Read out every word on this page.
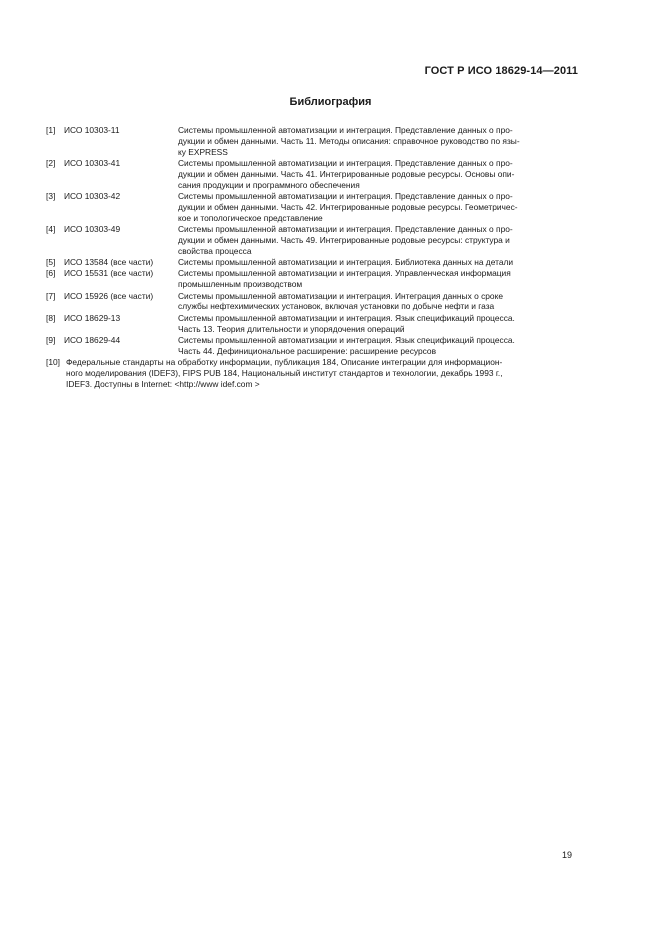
ГОСТ Р ИСО 18629-14—2011
Библиография
[1]	ИСО 10303-11	Системы промышленной автоматизации и интеграция. Представление данных о про-
дукции и обмен данными. Часть 11. Методы описания: справочное руководство по язы-
ку EXPRESS
[2]	ИСО 10303-41	Системы промышленной автоматизации и интеграция. Представление данных о про-
дукции и обмен данными. Часть 41. Интегрированные родовые ресурсы. Основы опи-
сания продукции и программного обеспечения
[3]	ИСО 10303-42	Системы промышленной автоматизации и интеграция. Представление данных о про-
дукции и обмен данными. Часть 42. Интегрированные родовые ресурсы. Геометричес-
кое и топологическое представление
[4]	ИСО 10303-49	Системы промышленной автоматизации и интеграция. Представление данных о про-
дукции и обмен данными. Часть 49. Интегрированные родовые ресурсы: структура и
свойства процесса
[5]	ИСО 13584 (все части)	Системы промышленной автоматизации и интеграция. Библиотека данных на детали
[6]	ИСО 15531 (все части)	Системы промышленной автоматизации и интеграция. Управленческая информация
промышленным производством
[7]	ИСО 15926 (все части)	Системы промышленной автоматизации и интеграция. Интеграция данных о сроке
службы нефтехимических установок, включая установки по добыче нефти и газа
[8]	ИСО 18629-13	Системы промышленной автоматизации и интеграция. Язык спецификаций процесса.
Часть 13. Теория длительности и упорядочения операций
[9]	ИСО 18629-44	Системы промышленной автоматизации и интеграция. Язык спецификаций процесса.
Часть 44. Дефинициональное расширение: расширение ресурсов
[10] Федеральные стандарты на обработку информации, публикация 184, Описание интеграции для информацион-
ного моделирования (IDEF3), FIPS PUB 184, Национальный институт стандартов и технологии, декабрь 1993 г.,
IDEF3. Доступны в Internet: <http://www idef.com >
19
